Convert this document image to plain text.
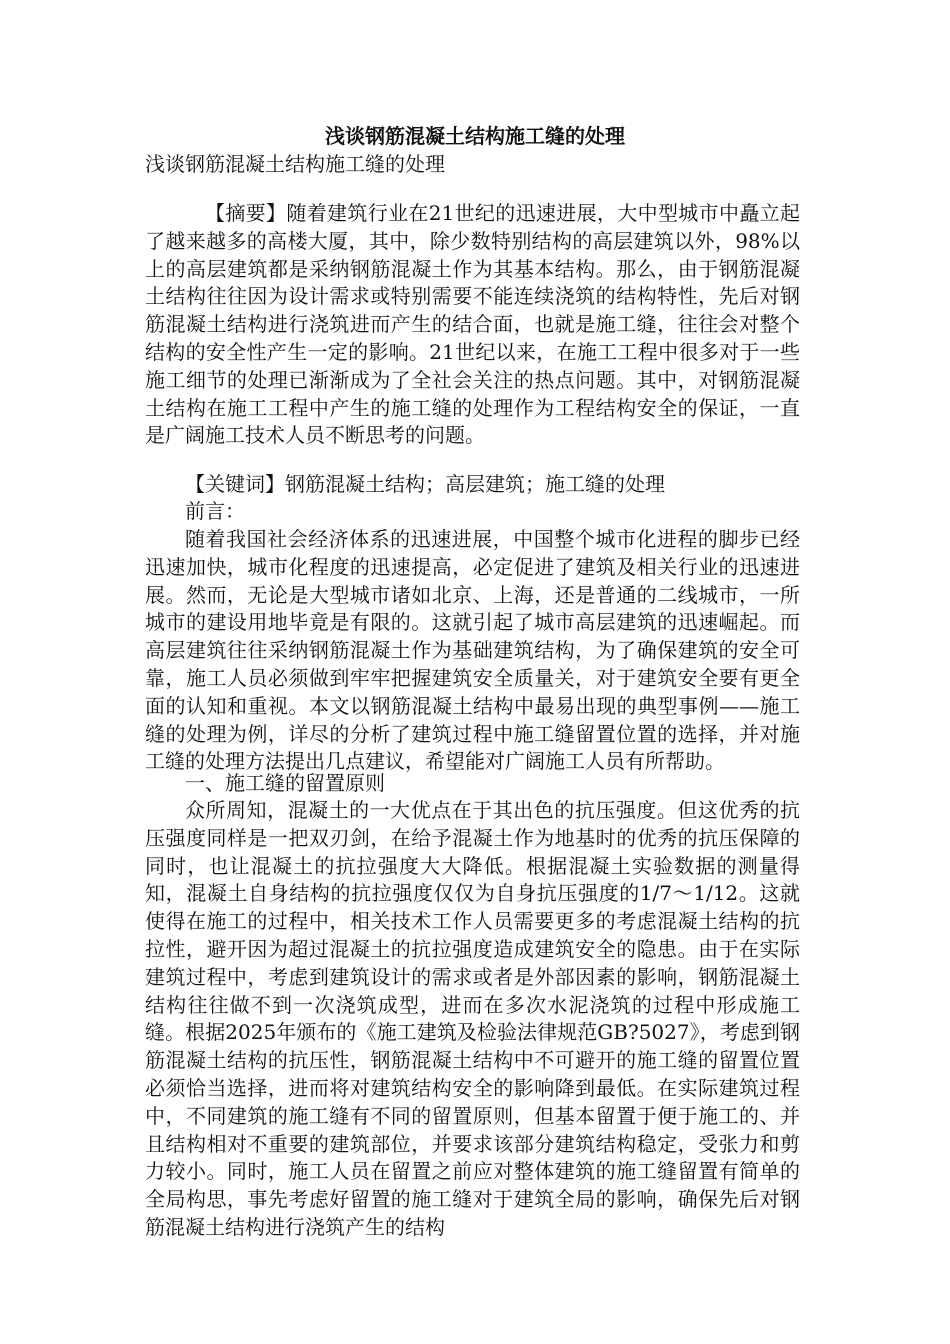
浅谈钢筋混凝土结构施工缝的处理
浅谈钢筋混凝土结构施工缝的处理

【摘要】随着建筑行业在21世纪的迅速进展，大中型城市中矗立起了越来越多的高楼大厦，其中，除少数特别结构的高层建筑以外，98%以上的高层建筑都是采纳钢筋混凝土作为其基本结构。那么，由于钢筋混凝土结构往往因为设计需求或特别需要不能连续浇筑的结构特性，先后对钢筋混凝土结构进行浇筑进而产生的结合面，也就是施工缝，往往会对整个结构的安全性产生一定的影响。21世纪以来，在施工工程中很多对于一些施工细节的处理已渐渐成为了全社会关注的热点问题。其中，对钢筋混凝土结构在施工工程中产生的施工缝的处理作为工程结构安全的保证，一直是广阔施工技术人员不断思考的问题。

【关键词】钢筋混凝土结构；高层建筑；施工缝的处理

前言：

随着我国社会经济体系的迅速进展，中国整个城市化进程的脚步已经迅速加快，城市化程度的迅速提高，必定促进了建筑及相关行业的迅速进展。然而，无论是大型城市诸如北京、上海，还是普通的二线城市，一所城市的建设用地毕竟是有限的。这就引起了城市高层建筑的迅速崛起。而高层建筑往往采纳钢筋混凝土作为基础建筑结构，为了确保建筑的安全可靠，施工人员必须做到牢牢把握建筑安全质量关，对于建筑安全要有更全面的认知和重视。本文以钢筋混凝土结构中最易出现的典型事例——施工缝的处理为例，详尽的分析了建筑过程中施工缝留置位置的选择，并对施工缝的处理方法提出几点建议，希望能对广阔施工人员有所帮助。

一、施工缝的留置原则

众所周知，混凝土的一大优点在于其出色的抗压强度。但这优秀的抗压强度同样是一把双刃剑，在给予混凝土作为地基时的优秀的抗压保障的同时，也让混凝土的抗拉强度大大降低。根据混凝土实验数据的测量得知，混凝土自身结构的抗拉强度仅仅为自身抗压强度的1/7～1/12。这就使得在施工的过程中，相关技术工作人员需要更多的考虑混凝土结构的抗拉性，避开因为超过混凝土的抗拉强度造成建筑安全的隐患。由于在实际建筑过程中，考虑到建筑设计的需求或者是外部因素的影响，钢筋混凝土结构往往做不到一次浇筑成型，进而在多次水泥浇筑的过程中形成施工缝。根据2025年颁布的《施工建筑及检验法律规范GB?5027》，考虑到钢筋混凝土结构的抗压性，钢筋混凝土结构中不可避开的施工缝的留置位置必须恰当选择，进而将对建筑结构安全的影响降到最低。在实际建筑过程中，不同建筑的施工缝有不同的留置原则，但基本留置于便于施工的、并且结构相对不重要的建筑部位，并要求该部分建筑结构稳定，受张力和剪力较小。同时，施工人员在留置之前应对整体建筑的施工缝留置有简单的全局构思，事先考虑好留置的施工缝对于建筑全局的影响，确保先后对钢筋混凝土结构进行浇筑产生的结构
